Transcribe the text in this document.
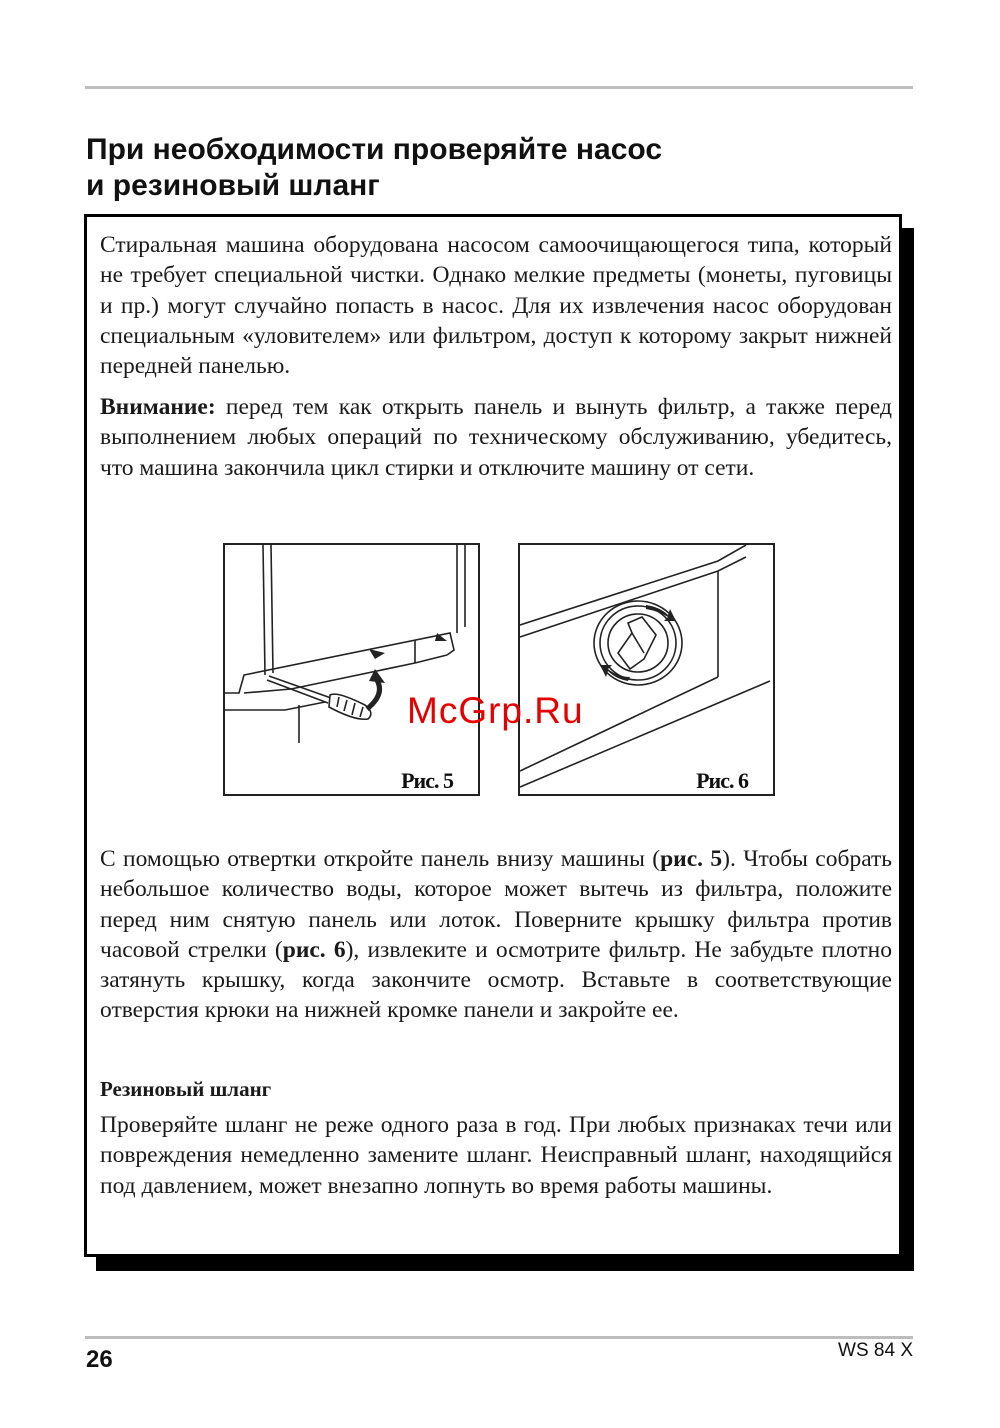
При необходимости проверяйте насос
и резиновый шланг

Стиральная машина оборудована насосом самоочищающегося типа, который не требует специальной чистки. Однако мелкие предметы (монеты, пуговицы и пр.) могут случайно попасть в насос. Для их извлечения насос оборудован специальным «уловителем» или фильтром, доступ к которому закрыт нижней передней панелью.

Внимание: перед тем как открыть панель и вынуть фильтр, а также перед выполнением любых операций по техническому обслуживанию, убедитесь, что машина закончила цикл стирки и отключите машину от сети.

Рис. 5	Рис. 6
McGrp.Ru

С помощью отвертки откройте панель внизу машины (рис. 5). Чтобы собрать небольшое количество воды, которое может вытечь из фильтра, положите перед ним снятую панель или лоток. Поверните крышку фильтра против часовой стрелки (рис. 6), извлеките и осмотрите фильтр. Не забудьте плотно затянуть крышку, когда закончите осмотр. Вставьте в соответствующие отверстия крюки на нижней кромке панели и закройте ее.

Резиновый шланг

Проверяйте шланг не реже одного раза в год. При любых признаках течи или повреждения немедленно замените шланг. Неисправный шланг, находящийся под давлением, может внезапно лопнуть во время работы машины.

26	WS 84 X
